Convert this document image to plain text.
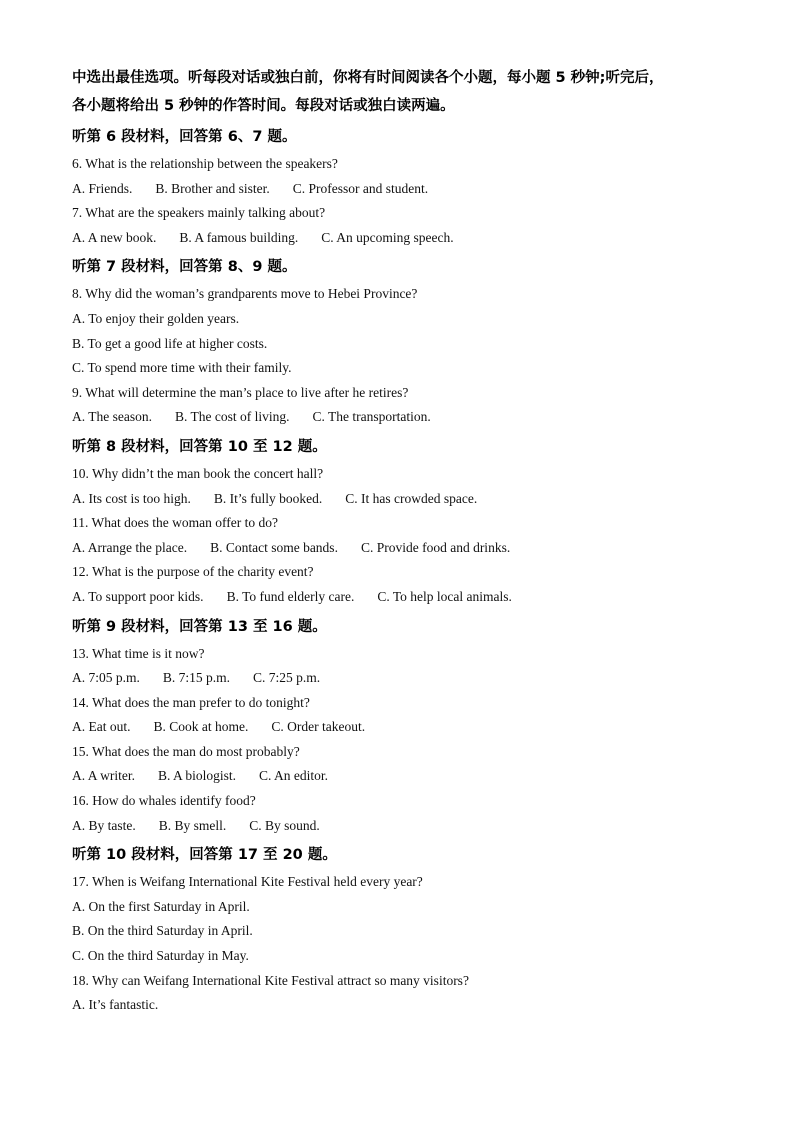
中选出最佳选项。听每段对话或独白前，你将有时间阅读各个小题，每小题 5 秒钟;听完后，
各小题将给出 5 秒钟的作答时间。每段对话或独白读两遍。
听第 6 段材料，回答第 6、7 题。
6. What is the relationship between the speakers?
A. Friends. B. Brother and sister. C. Professor and student.
7. What are the speakers mainly talking about?
A. A new book. B. A famous building. C. An upcoming speech.
听第 7 段材料，回答第 8、9 题。
8. Why did the woman’s grandparents move to Hebei Province?
A. To enjoy their golden years.
B. To get a good life at higher costs.
C. To spend more time with their family.
9. What will determine the man’s place to live after he retires?
A. The season. B. The cost of living. C. The transportation.
听第 8 段材料，回答第 10 至 12 题。
10. Why didn’t the man book the concert hall?
A. Its cost is too high. B. It’s fully booked. C. It has crowded space.
11. What does the woman offer to do?
A. Arrange the place. B. Contact some bands. C. Provide food and drinks.
12. What is the purpose of the charity event?
A. To support poor kids. B. To fund elderly care. C. To help local animals.
听第 9 段材料，回答第 13 至 16 题。
13. What time is it now?
A. 7:05 p.m. B. 7:15 p.m. C. 7:25 p.m.
14. What does the man prefer to do tonight?
A. Eat out. B. Cook at home. C. Order takeout.
15. What does the man do most probably?
A. A writer. B. A biologist. C. An editor.
16. How do whales identify food?
A. By taste. B. By smell. C. By sound.
听第 10 段材料，回答第 17 至 20 题。
17. When is Weifang International Kite Festival held every year?
A. On the first Saturday in April.
B. On the third Saturday in April.
C. On the third Saturday in May.
18. Why can Weifang International Kite Festival attract so many visitors?
A. It’s fantastic.
